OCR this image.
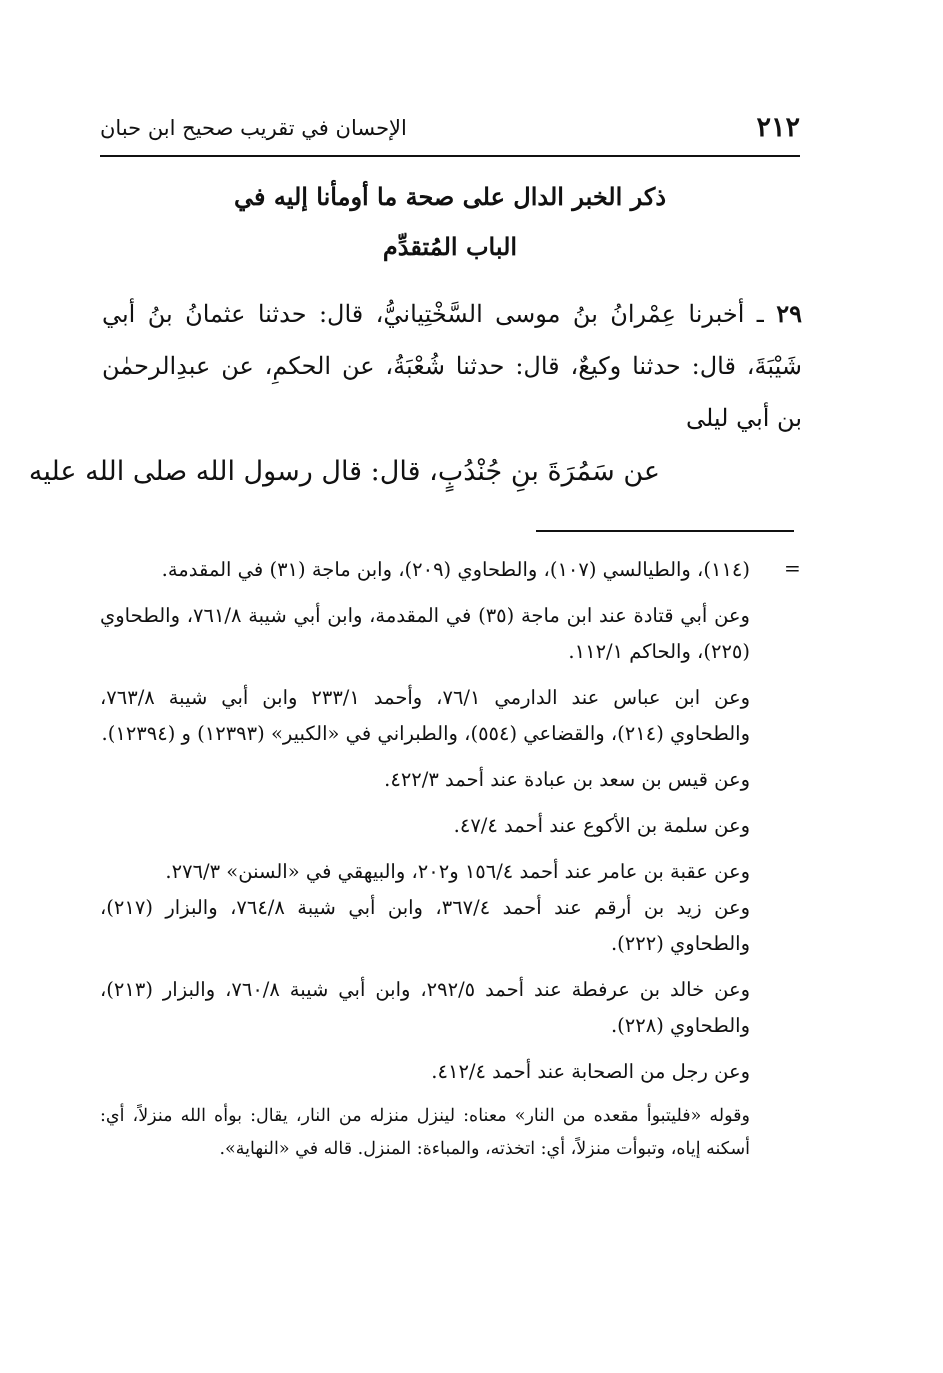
٢١٢
الإحسان في تقريب صحيح ابن حبان
ذكر الخبر الدال على صحة ما أومأنا إليه في
الباب المُتقدِّم

٢٩ ـ أخبرنا عِمْرانُ بنُ موسى السَّخْتِيانيُّ، قال: حدثنا عثمانُ بنُ أبي شَيْبَةَ، قال: حدثنا وكيعٌ، قال: حدثنا شُعْبَةُ، عن الحكمِ، عن عبدِالرحمٰن بن أبي ليلى

عن سَمُرَةَ بنِ جُنْدُبٍ، قال: قال رسول الله صلى الله عليه
=

(١١٤)، والطيالسي (١٠٧)، والطحاوي (٢٠٩)، وابن ماجة (٣١) في المقدمة.

وعن أبي قتادة عند ابن ماجة (٣٥) في المقدمة، وابن أبي شيبة ٧٦١/٨، والطحاوي (٢٢٥)، والحاكم ١١٢/١.

وعن ابن عباس عند الدارمي ٧٦/١، وأحمد ٢٣٣/١ وابن أبي شيبة ٧٦٣/٨، والطحاوي (٢١٤)، والقضاعي (٥٥٤)، والطبراني في «الكبير» (١٢٣٩٣) و (١٢٣٩٤).

وعن قيس بن سعد بن عبادة عند أحمد ٤٢٢/٣.

وعن سلمة بن الأكوع عند أحمد ٤٧/٤.

وعن عقبة بن عامر عند أحمد ١٥٦/٤ و٢٠٢، والبيهقي في «السنن» ٢٧٦/٣.

وعن زيد بن أرقم عند أحمد ٣٦٧/٤، وابن أبي شيبة ٧٦٤/٨، والبزار (٢١٧)، والطحاوي (٢٢٢).

وعن خالد بن عرفطة عند أحمد ٢٩٢/٥، وابن أبي شيبة ٧٦٠/٨، والبزار (٢١٣)، والطحاوي (٢٢٨).

وعن رجل من الصحابة عند أحمد ٤١٢/٤.

وقوله «فليتبوأ مقعده من النار» معناه: لينزل منزله من النار، يقال: بوأه الله منزلاً، أي: أسكنه إياه، وتبوأت منزلاً، أي: اتخذته، والمباءة: المنزل. قاله في «النهاية».
